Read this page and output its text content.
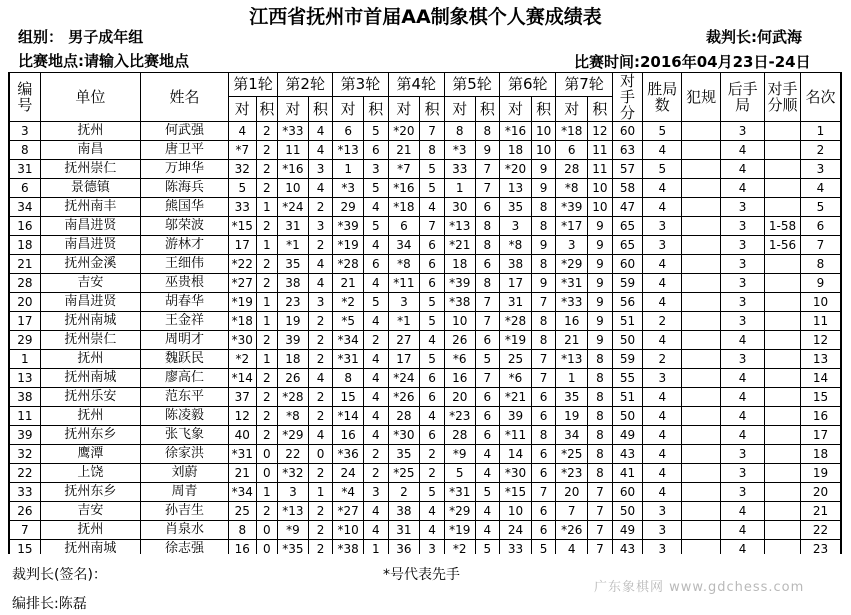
江西省抚州市首届AA制象棋个人赛成绩表
组别： 男子成年组	裁判长:何武海
比赛地点:请输入比赛地点	比赛时间:2016年04月23日-24日
编号	单位	姓名	第1轮		第2轮		第3轮		第4轮		第5轮		第6轮		第7轮		对手分	胜局数	犯规	后手局	对手分顺	名次
			对	积	对	积	对	积	对	积	对	积	对	积	对	积						
3	抚州	何武强	4	2	*33	4	6	5	*20	7	8	8	*16	10	*18	12	60	5		3		1
8	南昌	唐卫平	*7	2	11	4	*13	6	21	8	*3	9	18	10	6	11	63	4		4		2
31	抚州崇仁	万坤华	32	2	*16	3	1	3	*7	5	33	7	*20	9	28	11	57	5		4		3
6	景德镇	陈海兵	5	2	10	4	*3	5	*16	5	1	7	13	9	*8	10	58	4		4		4
34	抚州南丰	熊国华	33	1	*24	2	29	4	*18	4	30	6	35	8	*39	10	47	4		3		5
16	南昌进贤	邬荣波	*15	2	31	3	*39	5	6	7	*13	8	3	8	*17	9	65	3		3	1-58	6
18	南昌进贤	游林才	17	1	*1	2	*19	4	34	6	*21	8	*8	9	3	9	65	3		3	1-56	7
21	抚州金溪	王细伟	*22	2	35	4	*28	6	*8	6	18	6	38	8	*29	9	60	4		3		8
28	吉安	巫贵根	*27	2	38	4	21	4	*11	6	*39	8	17	9	*31	9	59	4		3		9
20	南昌进贤	胡春华	*19	1	23	3	*2	5	3	5	*38	7	31	7	*33	9	56	4		3		10
17	抚州南城	王金祥	*18	1	19	2	*5	4	*1	5	10	7	*28	8	16	9	51	2		3		11
29	抚州崇仁	周明才	*30	2	39	2	*34	2	27	4	26	6	*19	8	21	9	50	4		4		12
1	抚州	魏跃民	*2	1	18	2	*31	4	17	5	*6	5	25	7	*13	8	59	2		3		13
13	抚州南城	廖高仁	*14	2	26	4	8	4	*24	6	16	7	*6	7	1	8	55	3		4		14
38	抚州乐安	范东平	37	2	*28	2	15	4	*26	6	20	6	*21	6	35	8	51	4		4		15
11	抚州	陈凌毅	12	2	*8	2	*14	4	28	4	*23	6	39	6	19	8	50	4		4		16
39	抚州东乡	张飞象	40	2	*29	4	16	4	*30	6	28	6	*11	8	34	8	49	4		4		17
32	鹰潭	徐家洪	*31	0	22	0	*36	2	35	2	*9	4	14	6	*25	8	43	4		3		18
22	上饶	刘蔚	21	0	*32	2	24	2	*25	2	5	4	*30	6	*23	8	41	4		3		19
33	抚州东乡	周青	*34	1	3	1	*4	3	2	5	*31	5	*15	7	20	7	60	4		3		20
26	吉安	孙吉生	25	2	*13	2	*27	4	38	4	*29	4	10	6	7	7	50	3		4		21
7	抚州	肖泉水	8	0	*9	2	*10	4	31	4	*19	4	24	6	*26	7	49	3		4		22
15	抚州南城	徐志强	16	0	*35	2	*38	1	36	3	*2	5	33	5	4	7	43	3		4		23

裁判长(签名)：	*号代表先手
编排长:陈磊
广东象棋网 www.gdchess.com
